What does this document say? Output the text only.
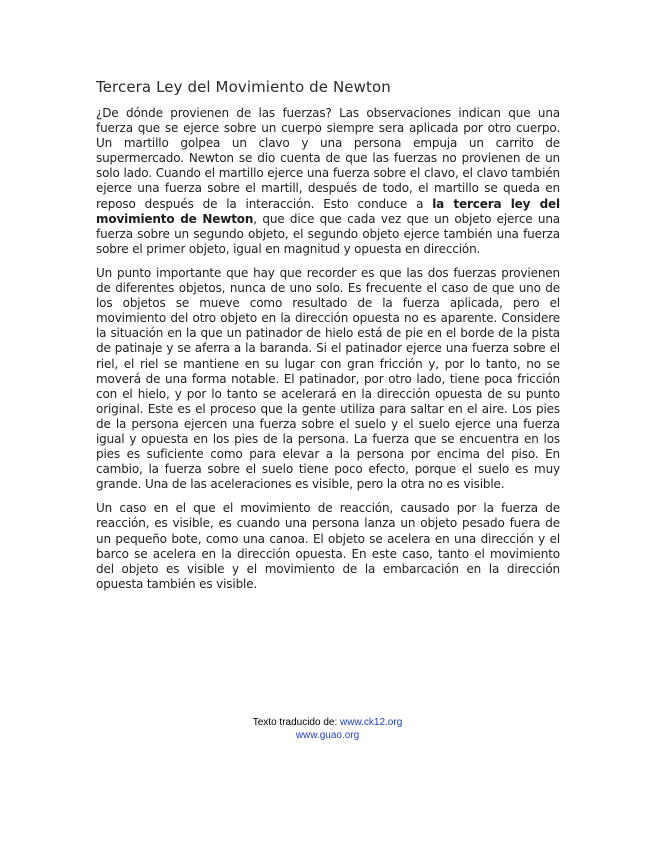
Tercera Ley del Movimiento de Newton

¿De dónde provienen de las fuerzas? Las observaciones indican que una fuerza que se ejerce sobre un cuerpo siempre sera aplicada por otro cuerpo. Un martillo golpea un clavo y una persona empuja un carrito de supermercado. Newton se dio cuenta de que las fuerzas no provienen de un solo lado. Cuando el martillo ejerce una fuerza sobre el clavo, el clavo también ejerce una fuerza sobre el martill, después de todo, el martillo se queda en reposo después de la interacción. Esto conduce a la tercera ley del movimiento de Newton, que dice que cada vez que un objeto ejerce una fuerza sobre un segundo objeto, el segundo objeto ejerce también una fuerza sobre el primer objeto, igual en magnitud y opuesta en dirección.

Un punto importante que hay que recorder es que las dos fuerzas provienen de diferentes objetos, nunca de uno solo. Es frecuente el caso de que uno de los objetos se mueve como resultado de la fuerza aplicada, pero el movimiento del otro objeto en la dirección opuesta no es aparente. Considere la situación en la que un patinador de hielo está de pie en el borde de la pista de patinaje y se aferra a la baranda. Si el patinador ejerce una fuerza sobre el riel, el riel se mantiene en su lugar con gran fricción y, por lo tanto, no se moverá de una forma notable. El patinador, por otro lado, tiene poca fricción con el hielo, y por lo tanto se acelerará en la dirección opuesta de su punto original. Este es el proceso que la gente utiliza para saltar en el aire. Los pies de la persona ejercen una fuerza sobre el suelo y el suelo ejerce una fuerza igual y opuesta en los pies de la persona. La fuerza que se encuentra en los pies es suficiente como para elevar a la persona por encima del piso. En cambio, la fuerza sobre el suelo tiene poco efecto, porque el suelo es muy grande. Una de las aceleraciones es visible, pero la otra no es visible.

Un caso en el que el movimiento de reacción, causado por la fuerza de reacción, es visible, es cuando una persona lanza un objeto pesado fuera de un pequeño bote, como una canoa. El objeto se acelera en una dirección y el barco se acelera en la dirección opuesta. En este caso, tanto el movimiento del objeto es visible y el movimiento de la embarcación en la dirección opuesta también es visible.

Texto traducido de: www.ck12.org
www.guao.org
